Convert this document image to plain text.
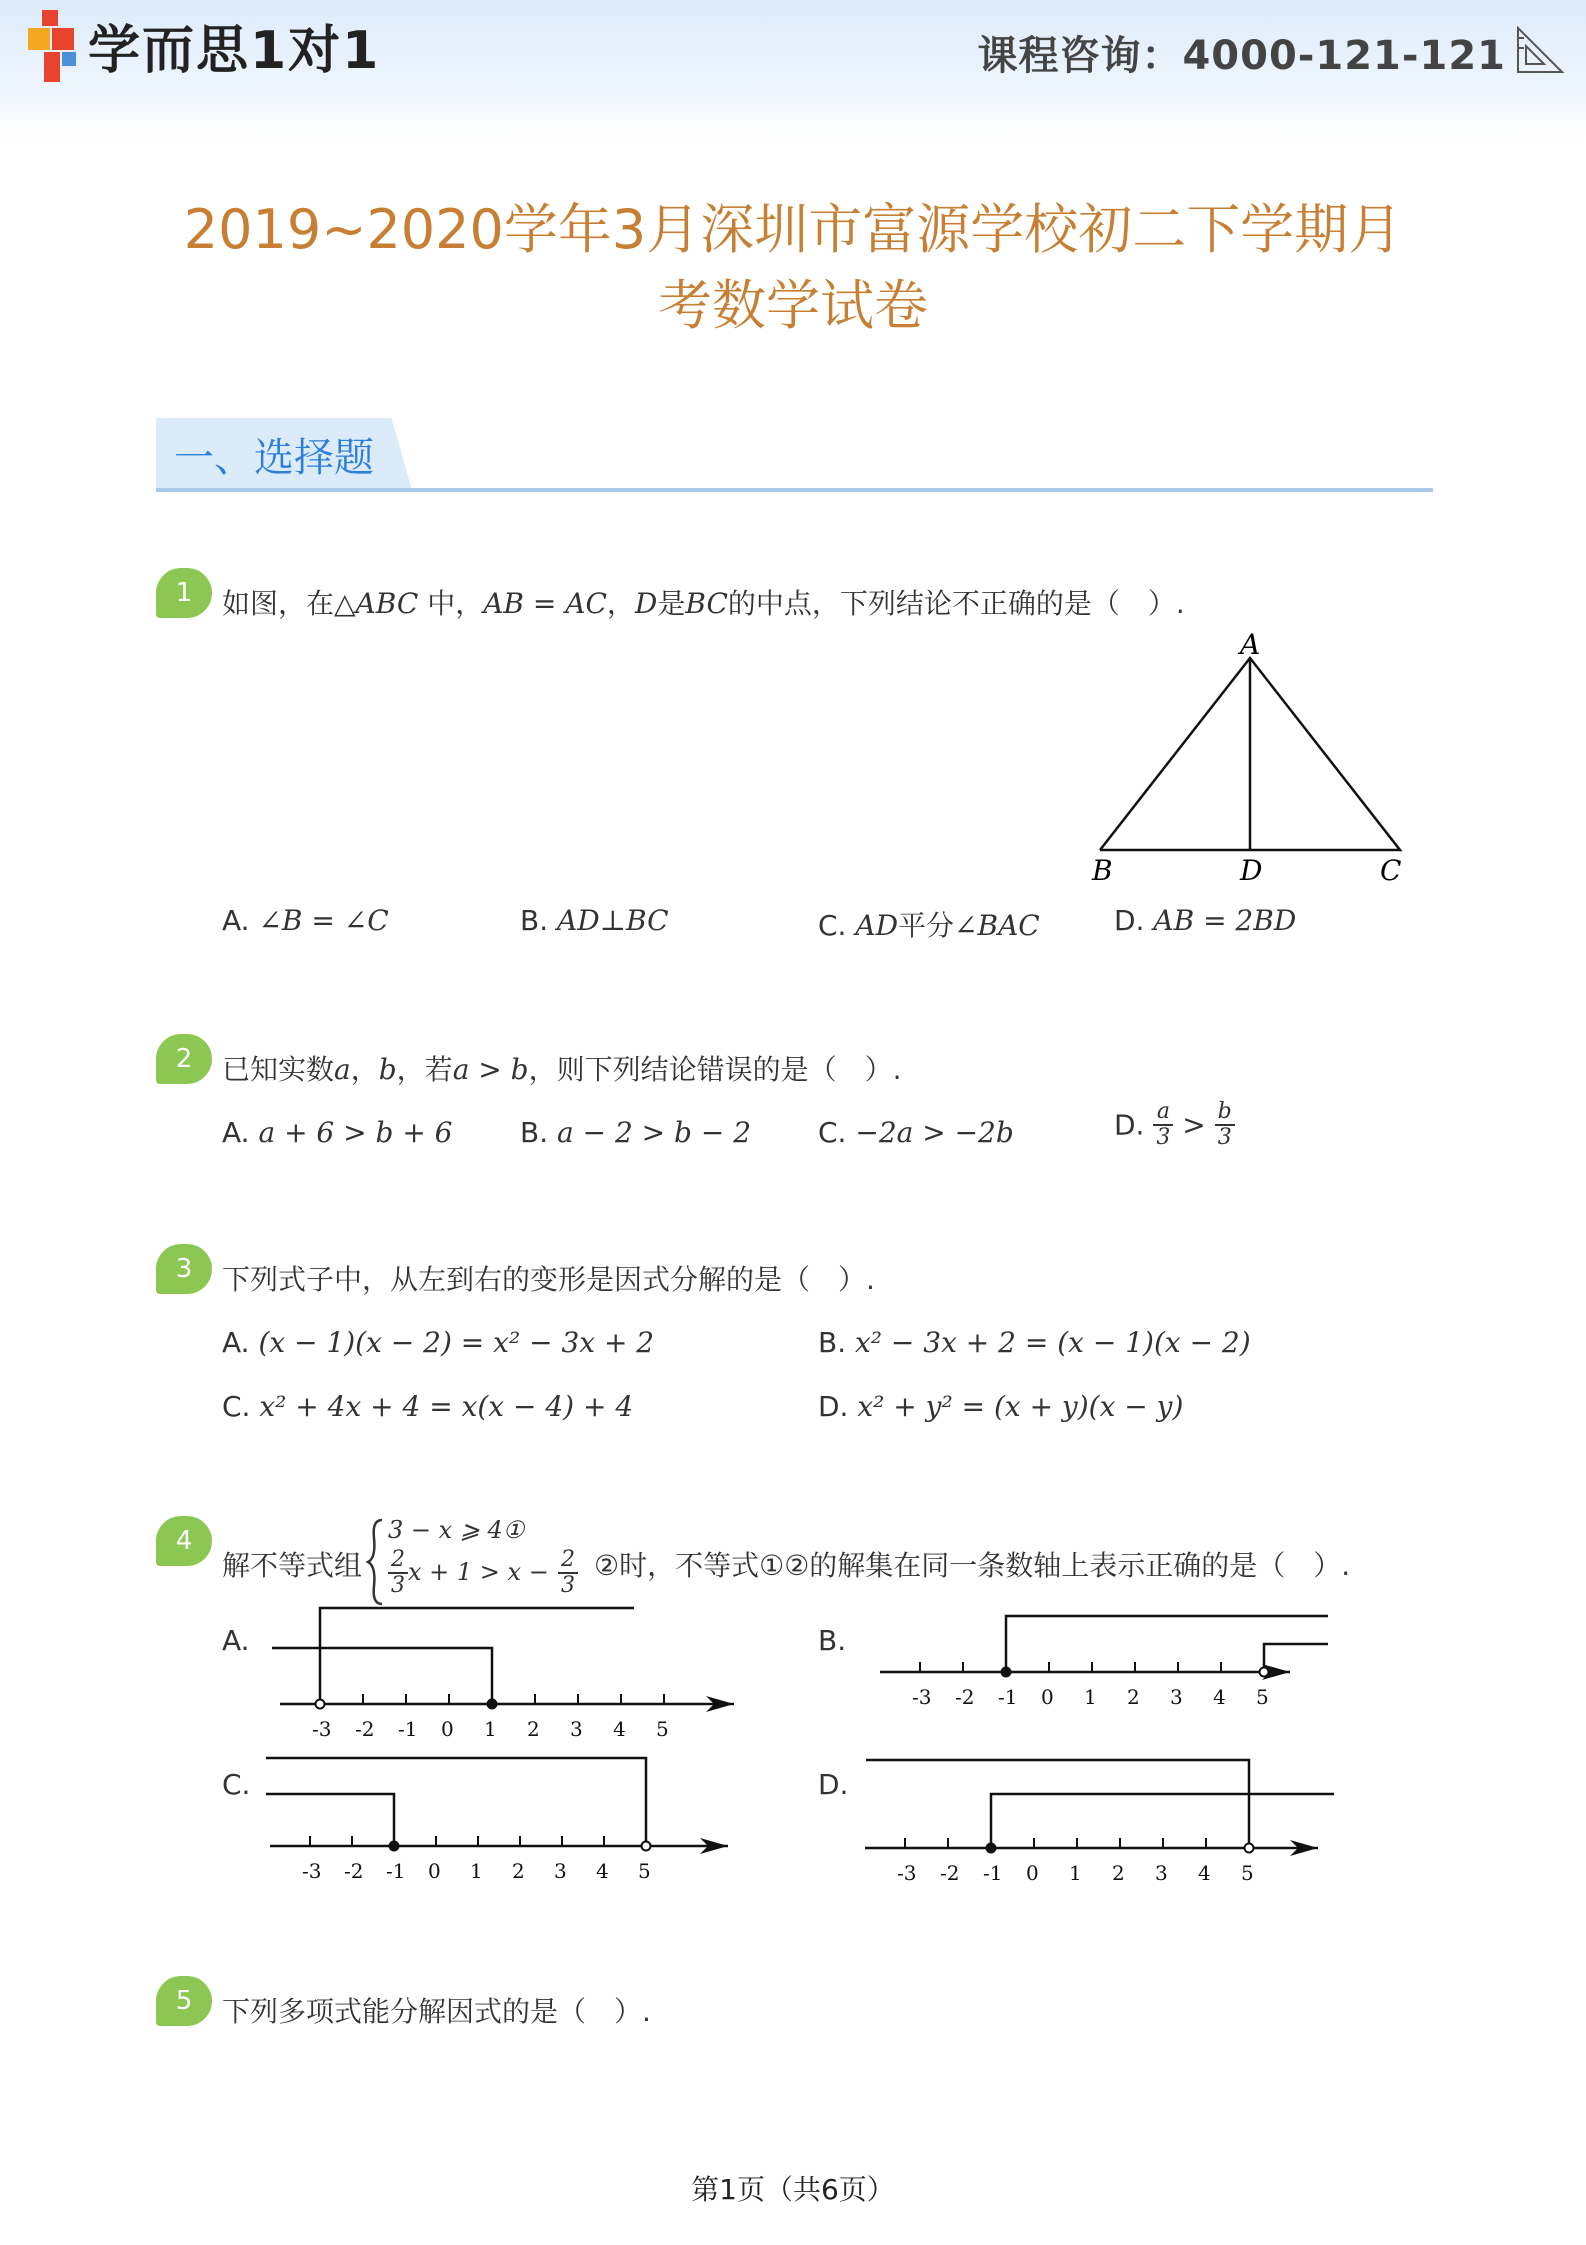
学而思1对1	课程咨询：4000-121-121
2019~2020学年3月深圳市富源学校初二下学期月
考数学试卷
一、选择题
1	如图，在△ABC 中，AB = AC，D是BC的中点，下列结论不正确的是（　）.
A
B	D	C
A. ∠B = ∠C	B. AD⊥BC	C. AD平分∠BAC	D. AB = 2BD
2	已知实数a，b，若a > b，则下列结论错误的是（　）.
A. a + 6 > b + 6 B. a − 2 > b − 2 C. −2a > −2b	D. $\frac{a}{3} > \frac{b}{3}$
3	下列式子中，从左到右的变形是因式分解的是（　）.
A. (x − 1)(x − 2) = x² − 3x + 2	B. x² − 3x + 2 = (x − 1)(x − 2)
C. x² + 4x + 4 = x(x − 4) + 4	D. x² + y² = (x + y)(x − y)
4
解不等式组
3 − x ⩾ 4①
$\frac{2}{3}$ $x + 1 > x - \frac{2}{3}$ ②时，不等式①②的解集在同一条数轴上表示正确的是（　）.
A.	B.
C.	D.
-3 -2 -1 0 1 2 3 4 5
-3 -2 -1 0 1 2 3 4 5
-3 -2 -1 0 1 2 3 4 5	-3 -2 -1 0 1 2 3 4 5
5	下列多项式能分解因式的是（　）.
第1页（共6页）
